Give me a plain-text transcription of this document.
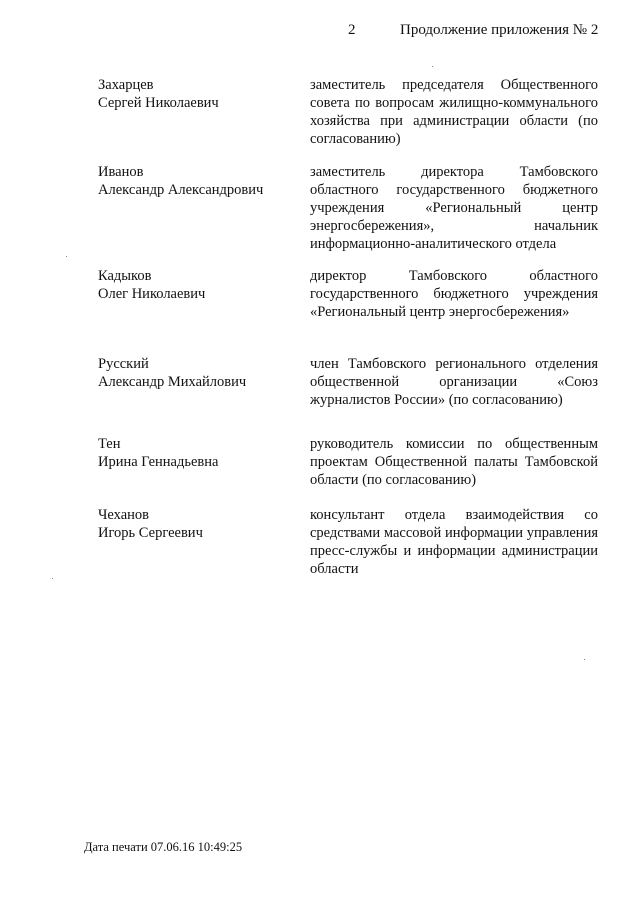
2	Продолжение приложения № 2
Захарцев
Сергей Николаевич
заместитель председателя Общественного совета по вопросам жилищно-коммунального хозяйства при администрации области (по согласованию)
Иванов
Александр Александрович
заместитель директора Тамбовского областного государственного бюджетного учреждения «Региональный центр энергосбережения», начальник информационно-аналитического отдела
Кадыков
Олег Николаевич
директор Тамбовского областного государственного бюджетного учреждения «Региональный центр энергосбережения»
Русский
Александр Михайлович
член Тамбовского регионального отделения общественной организации «Союз журналистов России» (по согласованию)
Тен
Ирина Геннадьевна
руководитель комиссии по общественным проектам Общественной палаты Тамбовской области (по согласованию)
Чеханов
Игорь Сергеевич
консультант отдела взаимодействия со средствами массовой информации управления пресс-службы и информации администрации области
Дата печати 07.06.16 10:49:25
